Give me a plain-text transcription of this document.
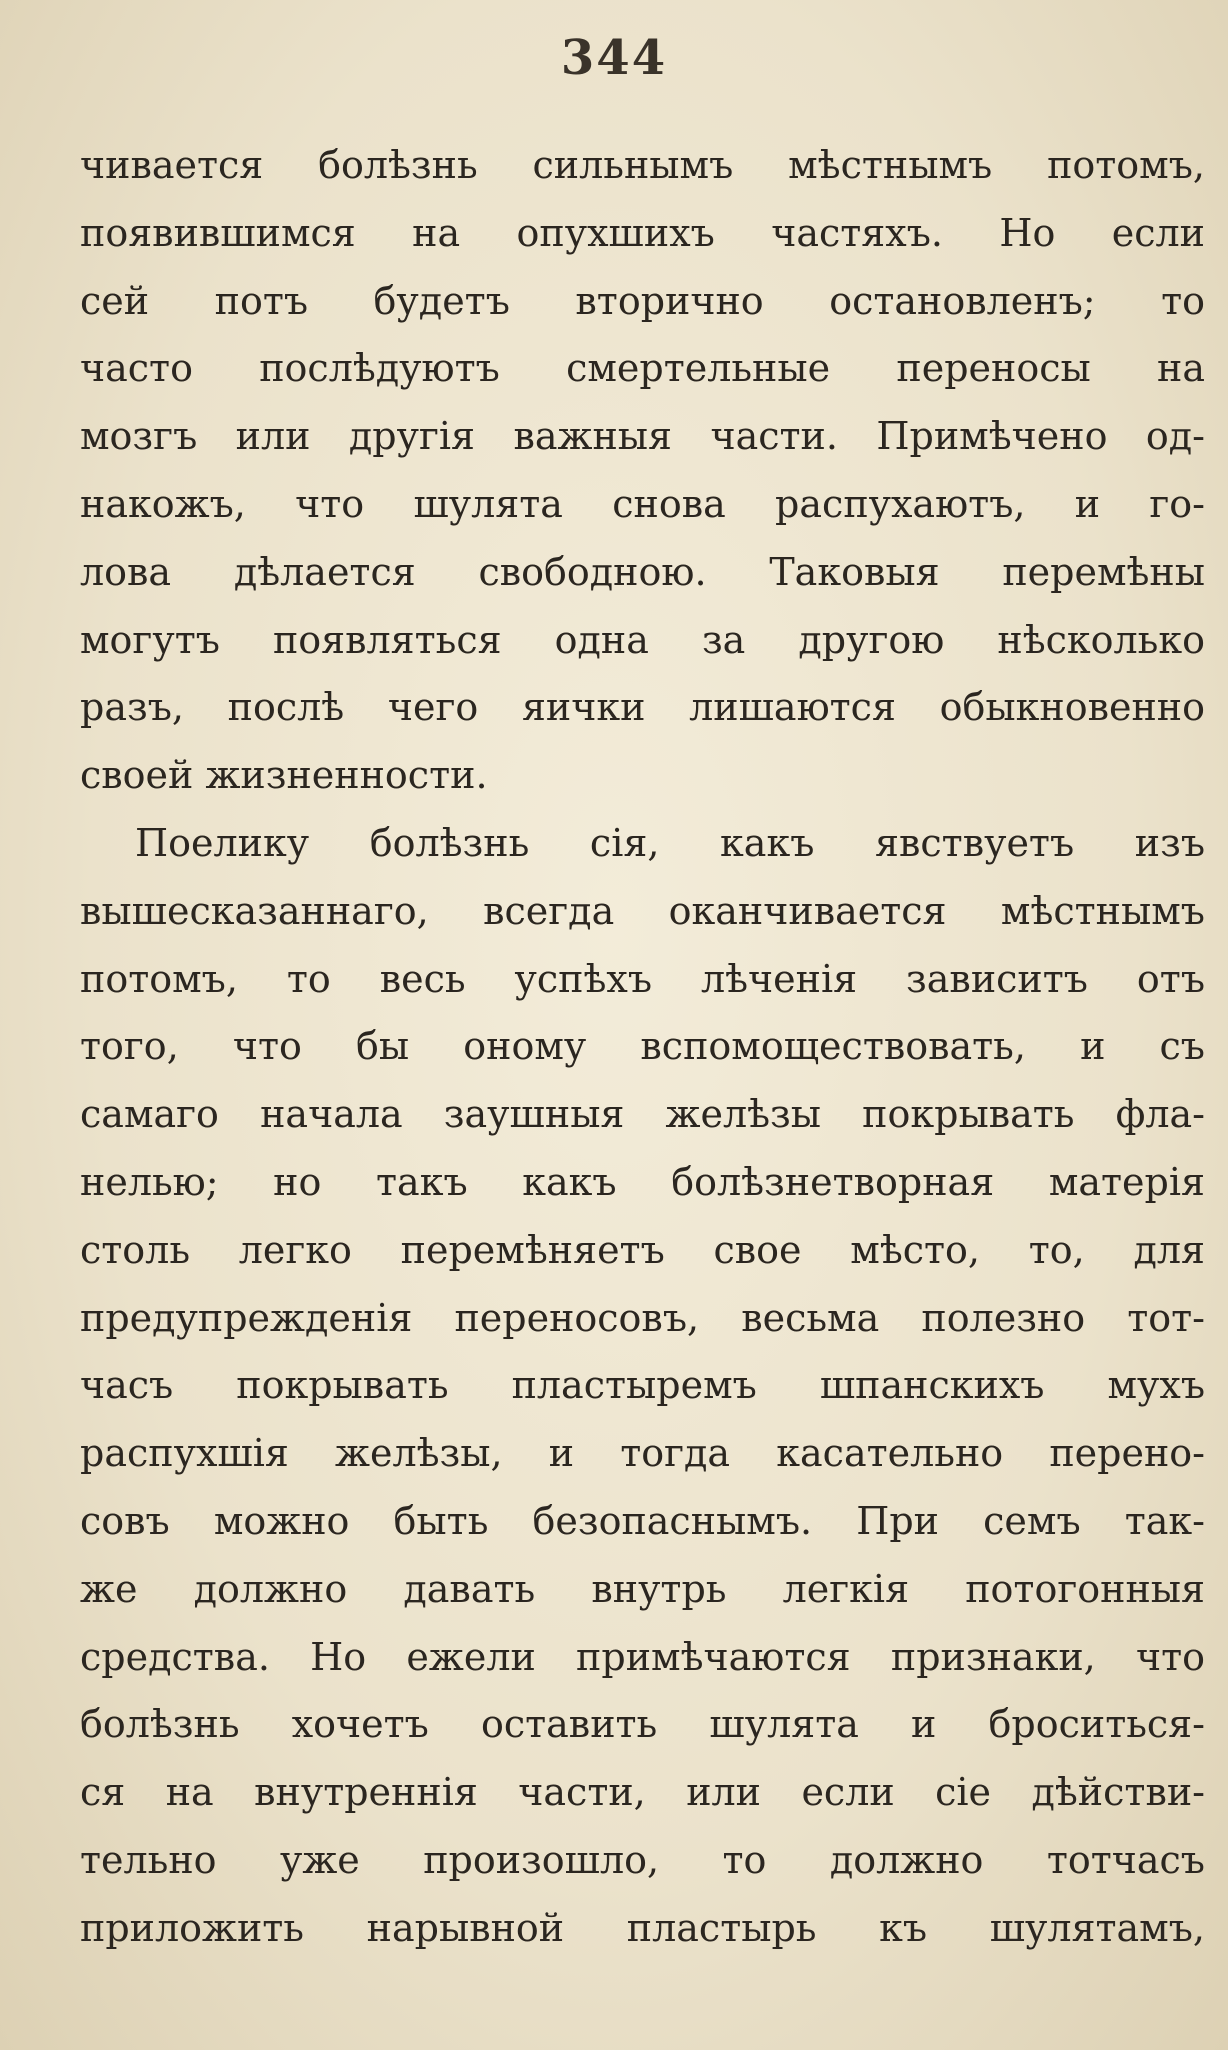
344
чивается болѣзнь сильнымъ мѣстнымъ потомъ,
появившимся на опухшихъ частяхъ. Но если
сей потъ будетъ вторично остановленъ; то
часто послѣдуютъ смертельные переносы на
мозгъ или другія важныя части. Примѣчено од-
накожъ, что шулята снова распухаютъ, и го-
лова дѣлается свободною. Таковыя перемѣны
могутъ появляться одна за другою нѣсколько
разъ, послѣ чего яички лишаются обыкновенно
своей жизненности.
Поелику болѣзнь сія, какъ явствуетъ изъ
вышесказаннаго, всегда оканчивается мѣстнымъ
потомъ, то весь успѣхъ лѣченія зависитъ отъ
того, что бы оному вспомоществовать, и съ
самаго начала заушныя желѣзы покрывать фла-
нелью; но такъ какъ болѣзнетворная матерія
столь легко перемѣняетъ свое мѣсто, то, для
предупрежденія переносовъ, весьма полезно тот-
часъ покрывать пластыремъ шпанскихъ мухъ
распухшія желѣзы, и тогда касательно перено-
совъ можно быть безопаснымъ. При семъ так-
же должно давать внутрь легкія потогонныя
средства. Но ежели примѣчаются признаки, что
болѣзнь хочетъ оставить шулята и броситься-
ся на внутреннія части, или если сіе дѣйстви-
тельно уже произошло, то должно тотчасъ
приложить нарывной пластырь къ шулятамъ,
